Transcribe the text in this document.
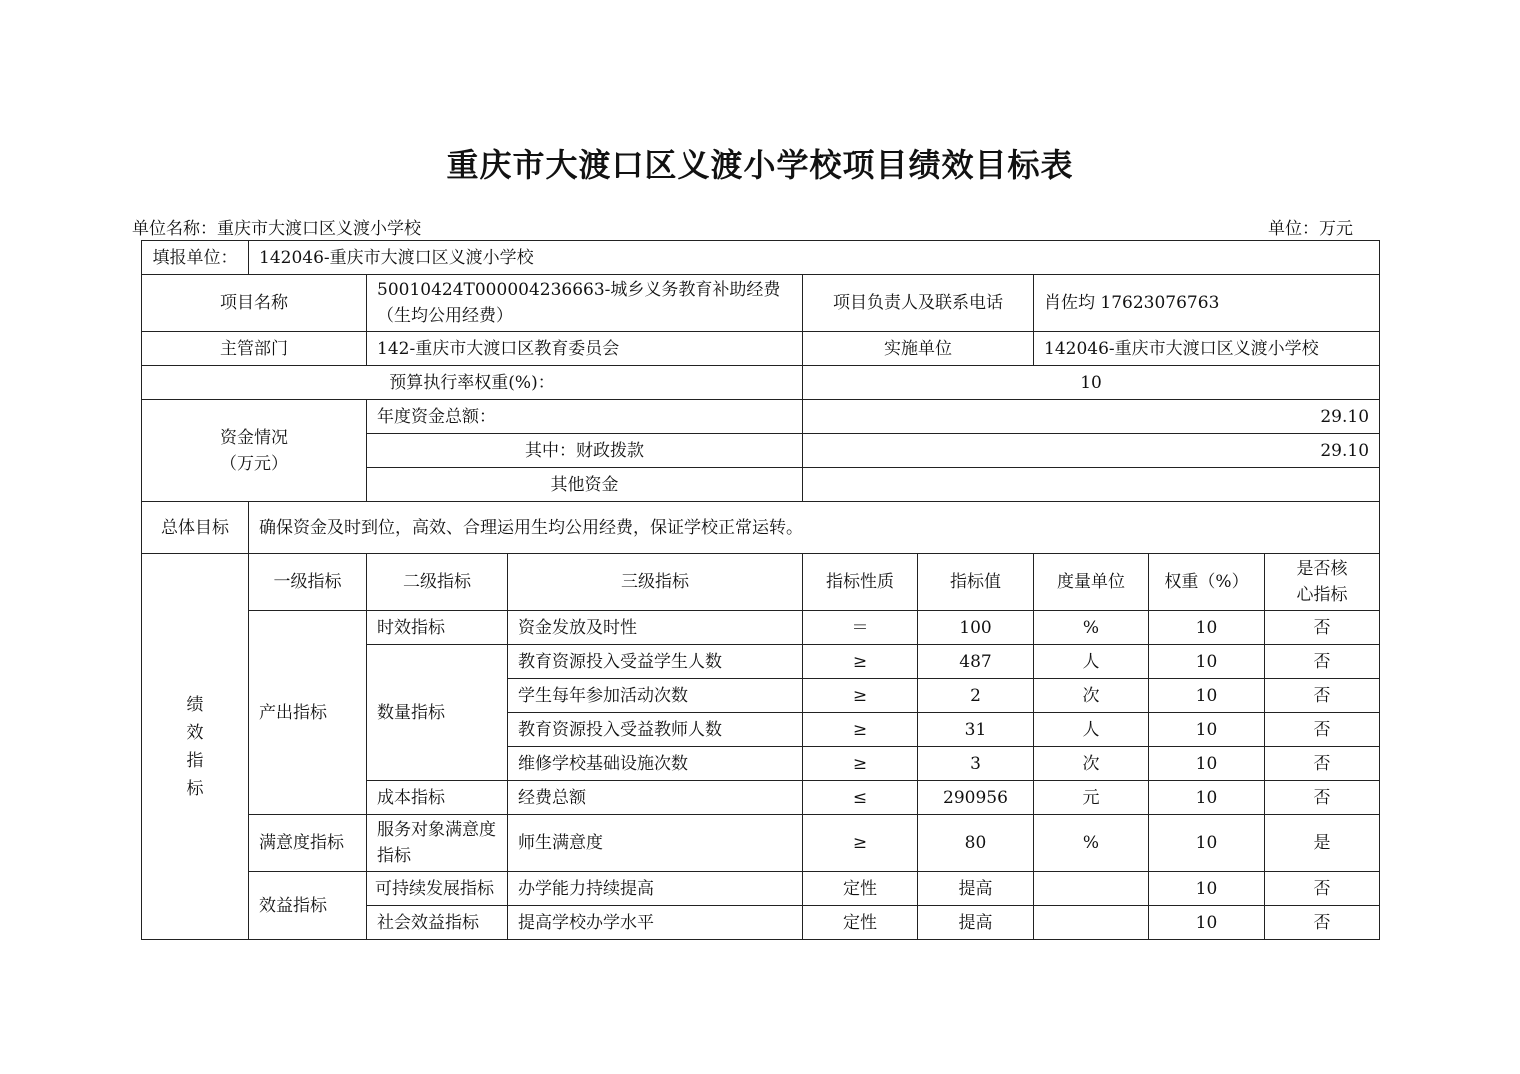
重庆市大渡口区义渡小学校项目绩效目标表
单位名称：重庆市大渡口区义渡小学校	单位：万元
填报单位：	142046-重庆市大渡口区义渡小学校							
项目名称		50010424T000004236663-城乡义务教育补助经费（生均公用经费）		项目负责人及联系电话		肖佐均 17623076763		
主管部门		142-重庆市大渡口区教育委员会		实施单位		142046-重庆市大渡口区义渡小学校		
预算执行率权重(%)：				10				

资金情况
（万元）		年度资金总额：		29.10				
		其中：财政拨款		29.10				
		其他资金						
总体目标	确保资金及时到位，高效、合理运用生均公用经费，保证学校正常运转。							

绩
效
指
标	一级指标	二级指标	三级指标	指标性质	指标值	度量单位	权重（%）	是否核心指标
	产出指标	时效指标	资金发放及时性	＝	100	%	10	否
		数量指标	教育资源投入受益学生人数	≥	487	人	10	否
			学生每年参加活动次数	≥	2	次	10	否
			教育资源投入受益教师人数	≥	31	人	10	否
			维修学校基础设施次数	≥	3	次	10	否
		成本指标	经费总额	≤	290956	元	10	否
	满意度指标	服务对象满意度指标	师生满意度	≥	80	%	10	是
	效益指标	可持续发展指标	办学能力持续提高	定性	提高		10	否
		社会效益指标	提高学校办学水平	定性	提高		10	否
